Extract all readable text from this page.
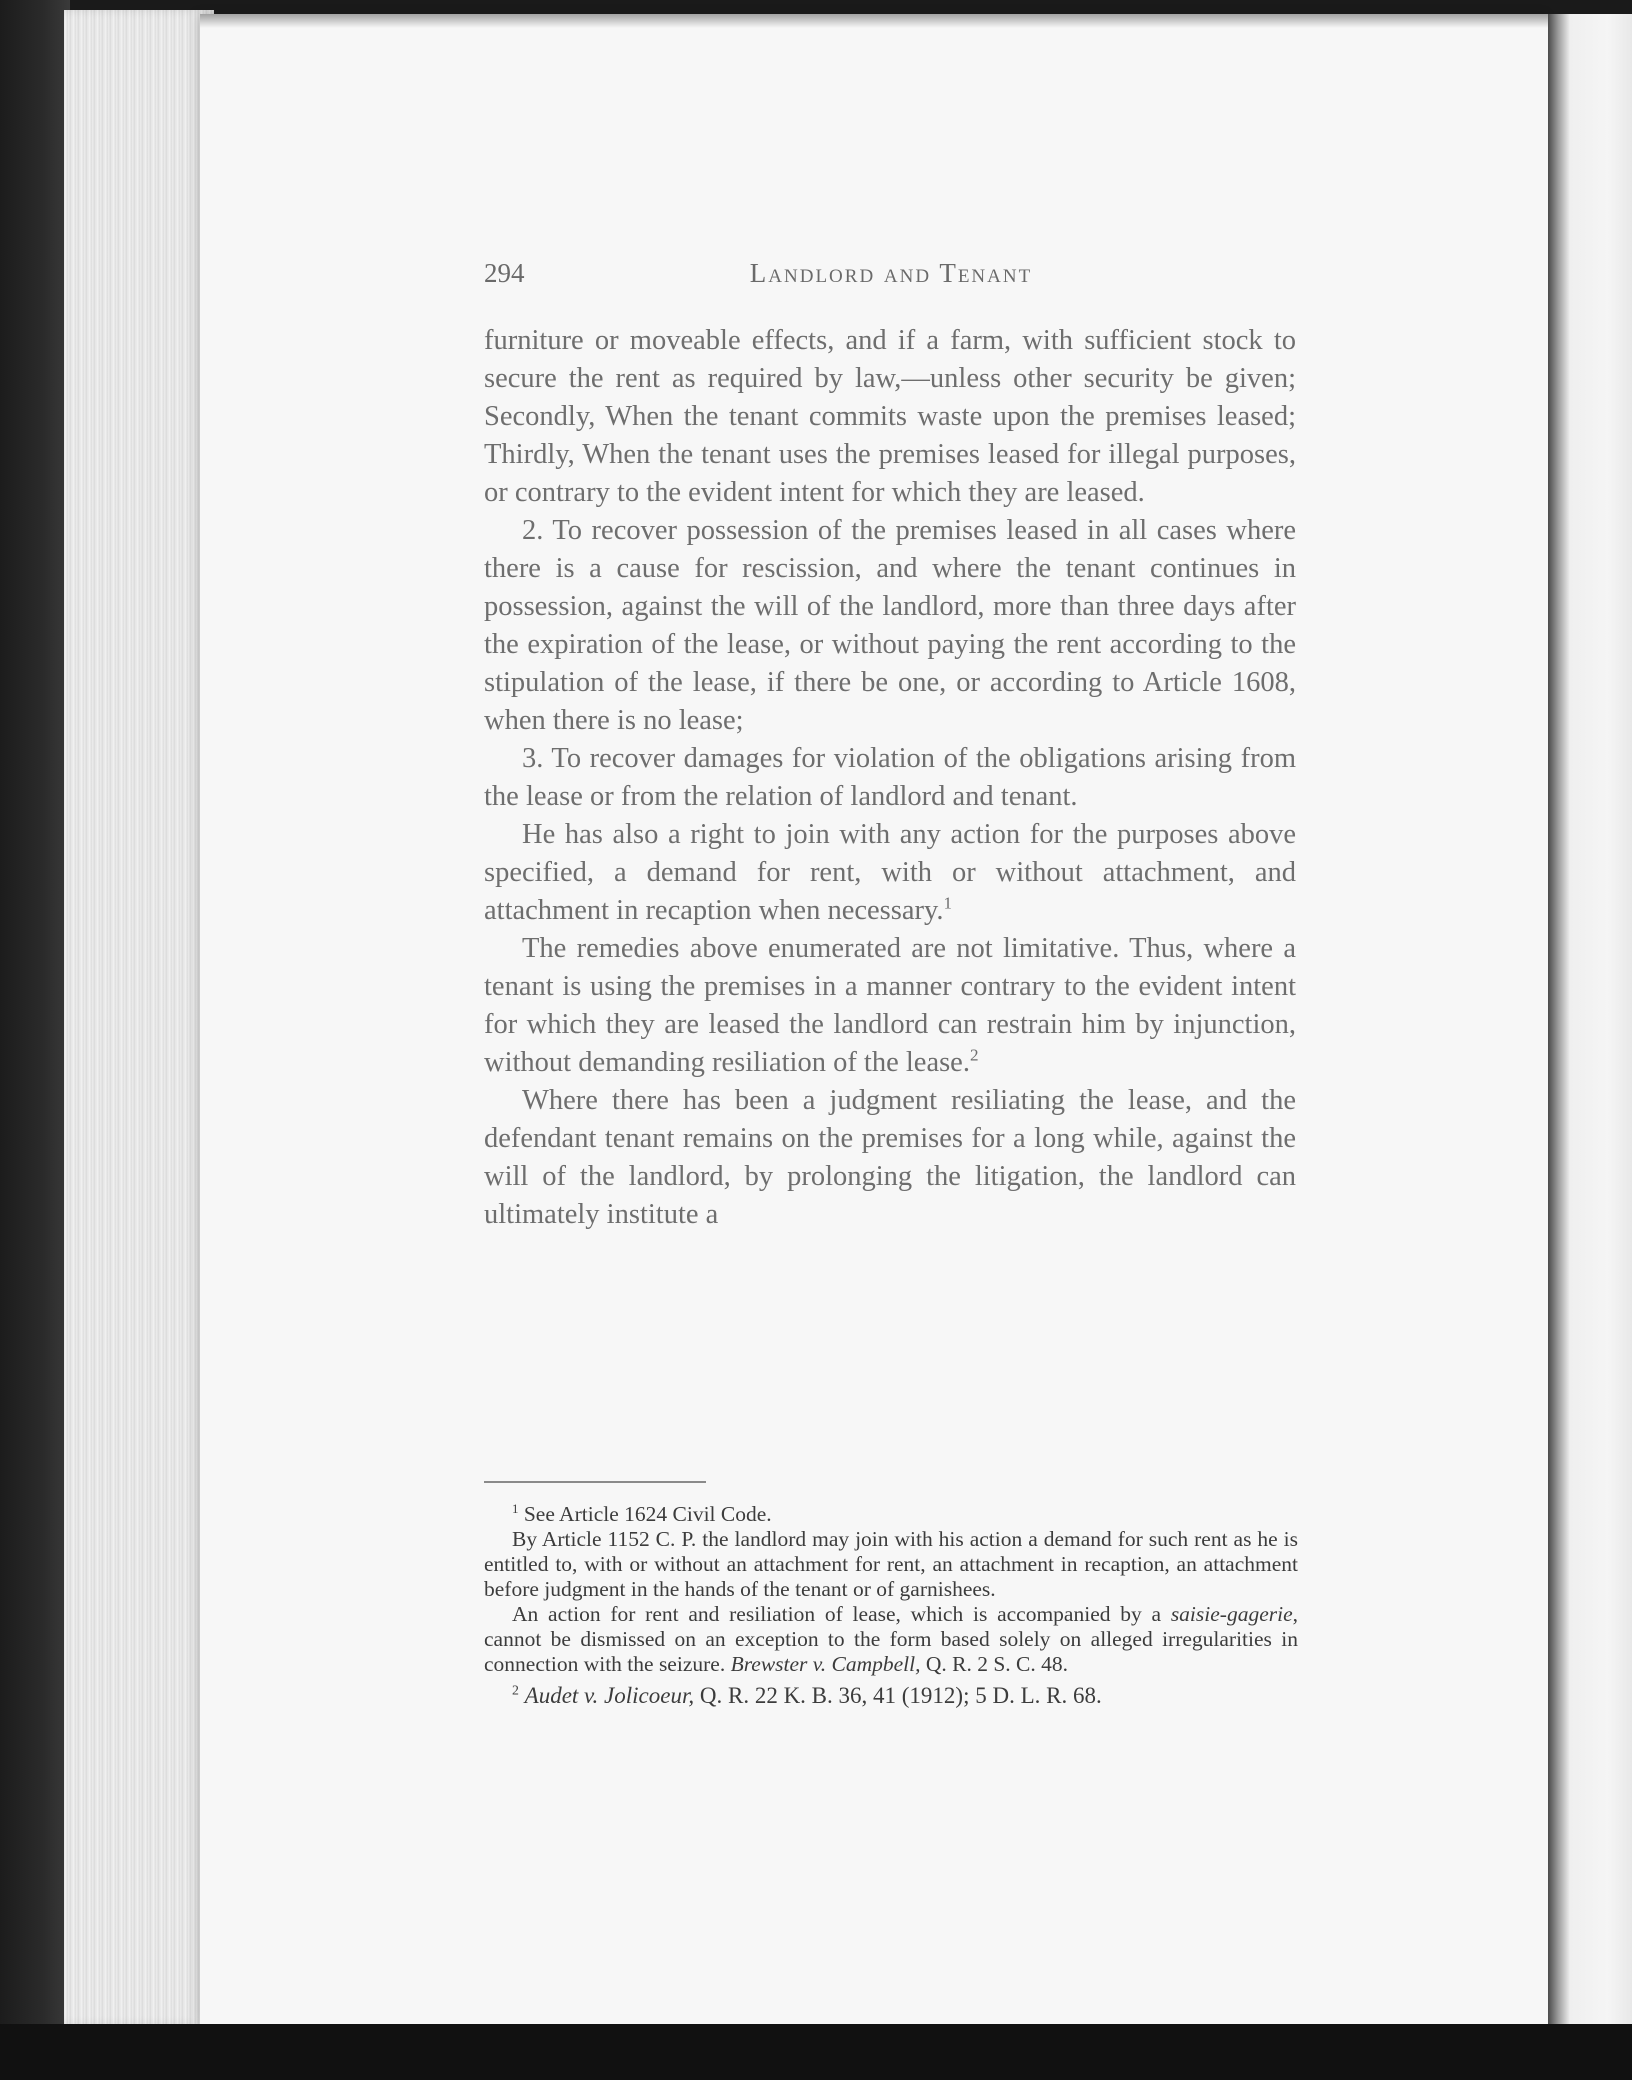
294	Landlord and Tenant

furniture or moveable effects, and if a farm, with sufficient stock to secure the rent as required by law,—unless other security be given; Secondly, When the tenant commits waste upon the premises leased; Thirdly, When the tenant uses the premises leased for illegal purposes, or contrary to the evident intent for which they are leased.

2. To recover possession of the premises leased in all cases where there is a cause for rescission, and where the tenant continues in possession, against the will of the landlord, more than three days after the expiration of the lease, or without paying the rent according to the stipulation of the lease, if there be one, or according to Article 1608, when there is no lease;

3. To recover damages for violation of the obligations arising from the lease or from the relation of landlord and tenant.

He has also a right to join with any action for the purposes above specified, a demand for rent, with or without attachment, and attachment in recaption when necessary.$^1$

The remedies above enumerated are not limitative. Thus, where a tenant is using the premises in a manner contrary to the evident intent for which they are leased the landlord can restrain him by injunction, without demanding resiliation of the lease.$^2$

Where there has been a judgment resiliating the lease, and the defendant tenant remains on the premises for a long while, against the will of the landlord, by prolonging the litigation, the landlord can ultimately institute a

$^1$ See Article 1624 Civil Code.

By Article 1152 C. P. the landlord may join with his action a demand for such rent as he is entitled to, with or without an attachment for rent, an attachment in recaption, an attachment before judgment in the hands of the tenant or of garnishees.

An action for rent and resiliation of lease, which is accompanied by a saisie-gagerie, cannot be dismissed on an exception to the form based solely on alleged irregularities in connection with the seizure. Brewster v. Campbell, Q. R. 2 S. C. 48.

$^2$ Audet v. Jolicoeur, Q. R. 22 K. B. 36, 41 (1912); 5 D. L. R. 68.
